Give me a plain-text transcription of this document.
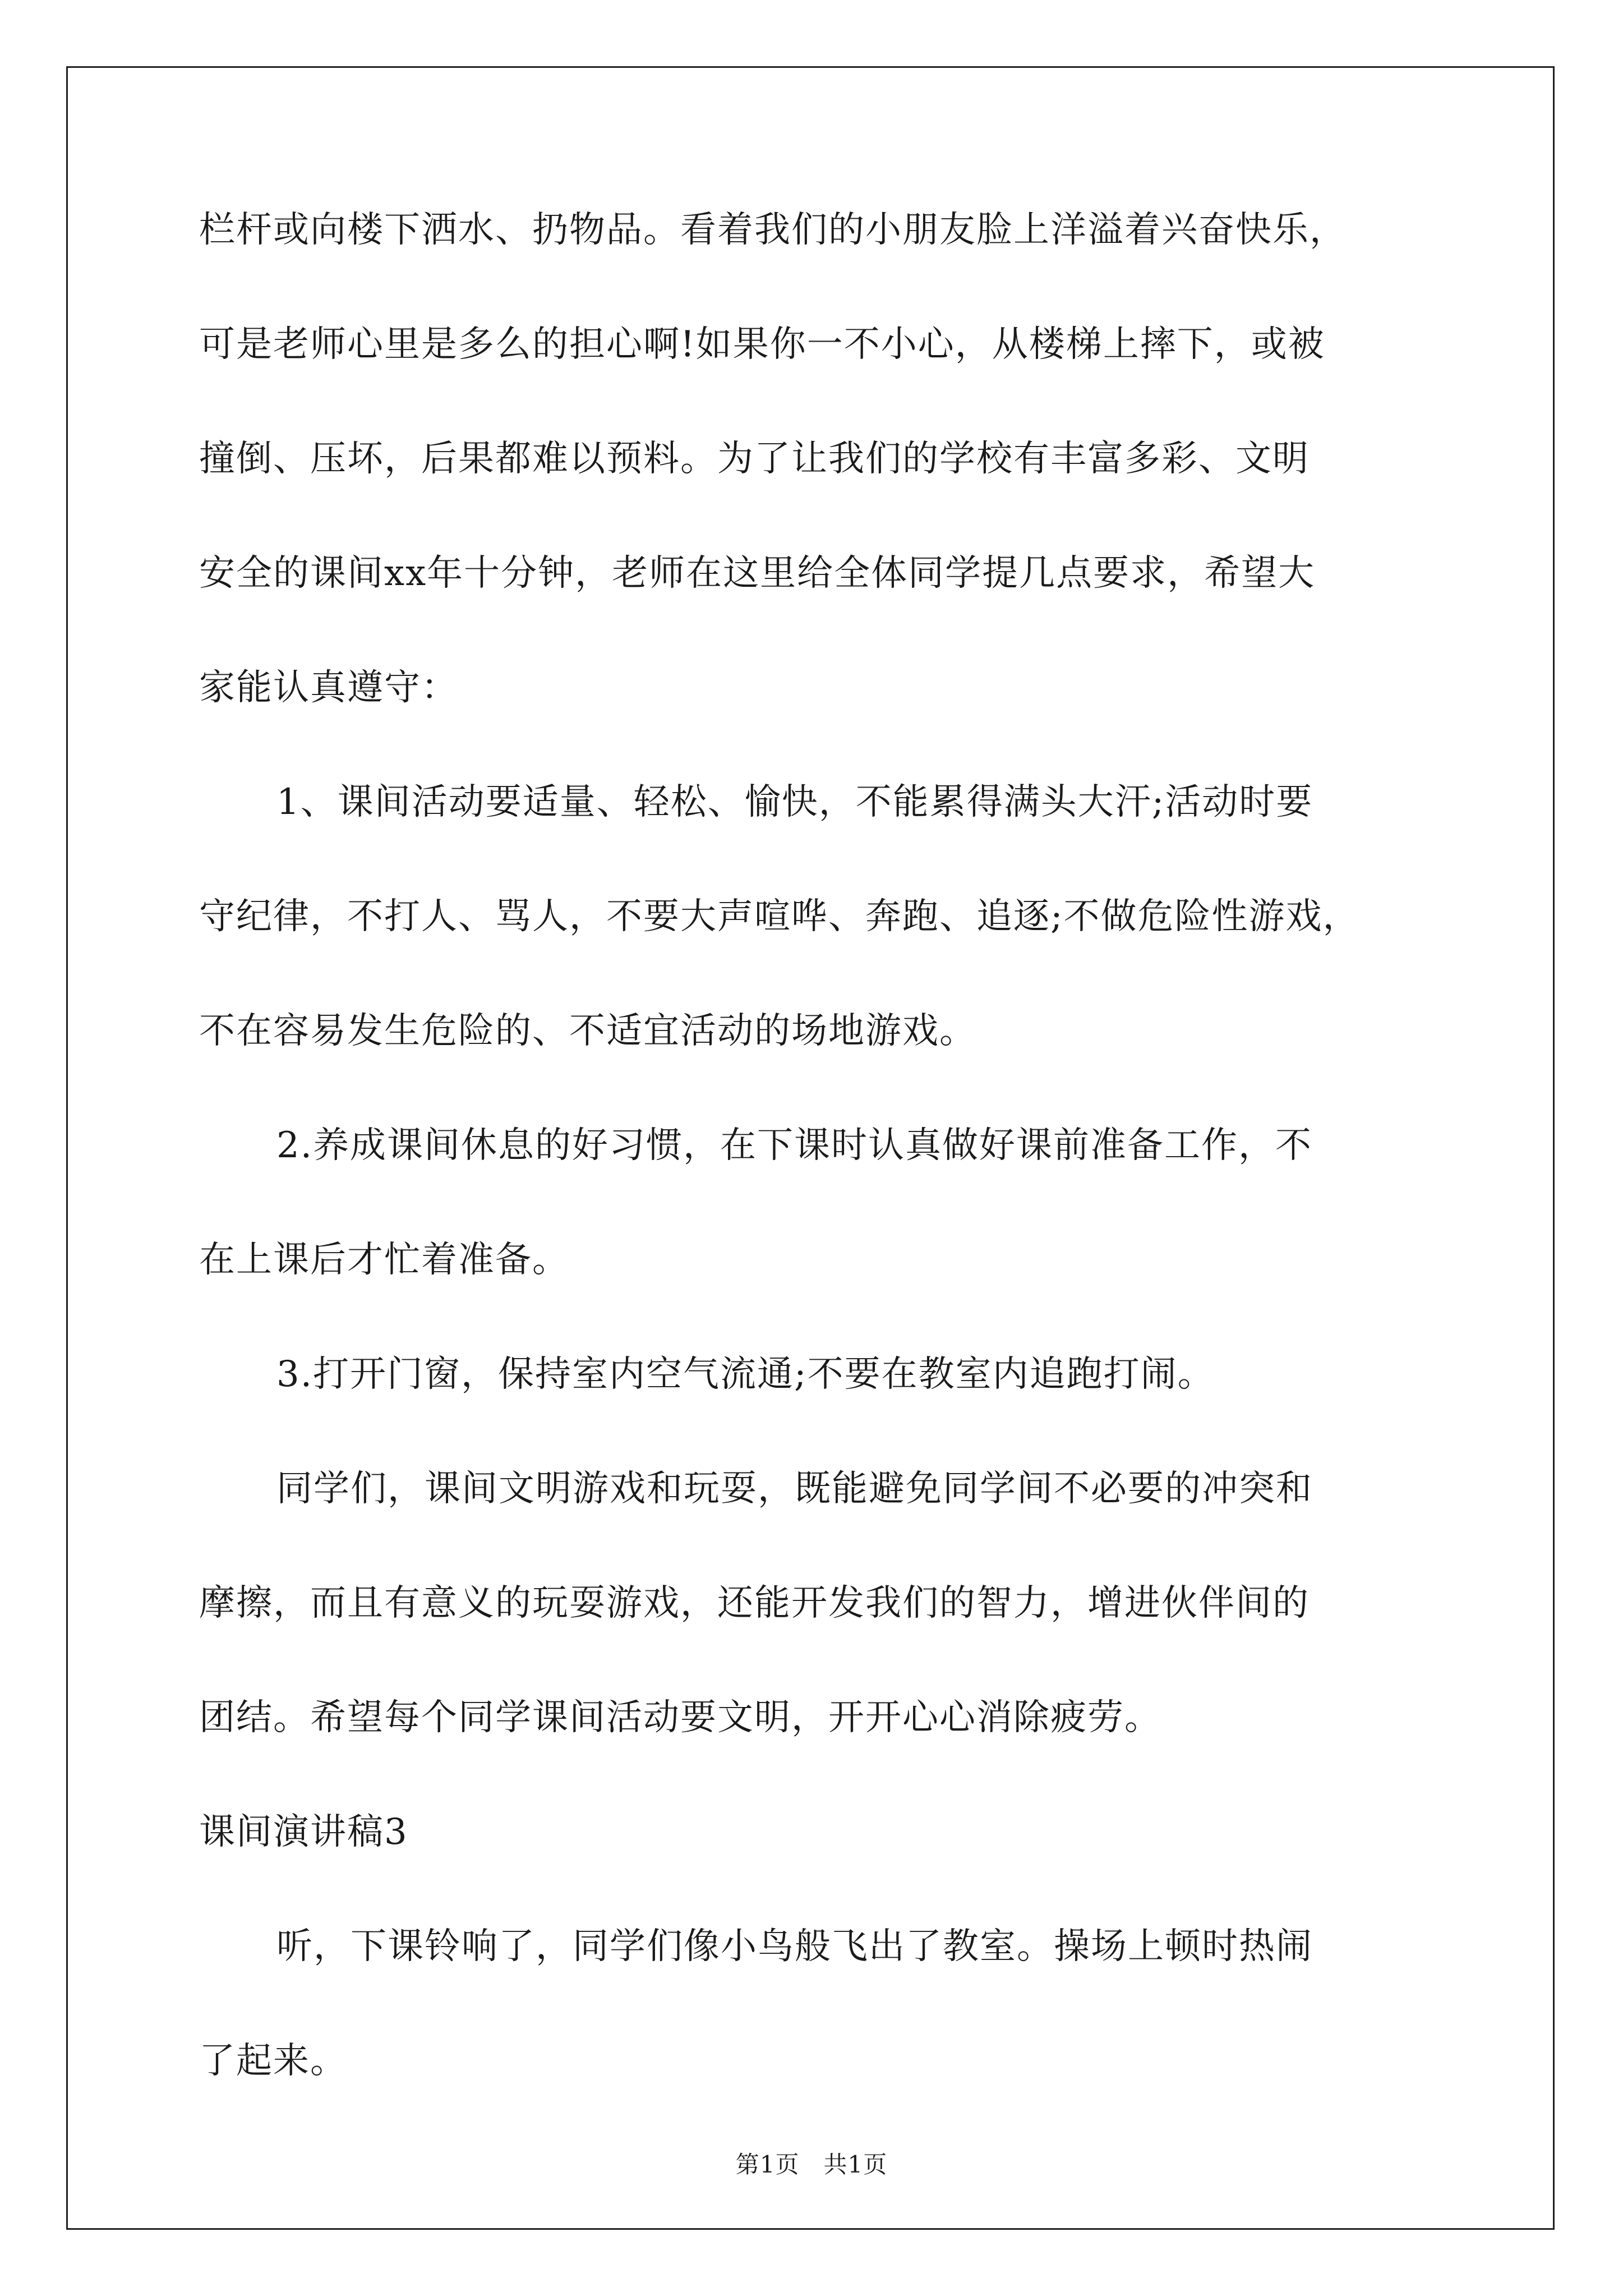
栏杆或向楼下洒水、扔物品。看着我们的小朋友脸上洋溢着兴奋快乐，
可是老师心里是多么的担心啊!如果你一不小心，从楼梯上摔下，或被
撞倒、压坏，后果都难以预料。为了让我们的学校有丰富多彩、文明
安全的课间xx年十分钟，老师在这里给全体同学提几点要求，希望大
家能认真遵守：
1、课间活动要适量、轻松、愉快，不能累得满头大汗;活动时要
守纪律，不打人、骂人，不要大声喧哗、奔跑、追逐;不做危险性游戏，
不在容易发生危险的、不适宜活动的场地游戏。
2.养成课间休息的好习惯，在下课时认真做好课前准备工作，不
在上课后才忙着准备。
3.打开门窗，保持室内空气流通;不要在教室内追跑打闹。
同学们，课间文明游戏和玩耍，既能避免同学间不必要的冲突和
摩擦，而且有意义的玩耍游戏，还能开发我们的智力，增进伙伴间的
团结。希望每个同学课间活动要文明，开开心心消除疲劳。
课间演讲稿3
听，下课铃响了，同学们像小鸟般飞出了教室。操场上顿时热闹
了起来。
第1页　共1页
